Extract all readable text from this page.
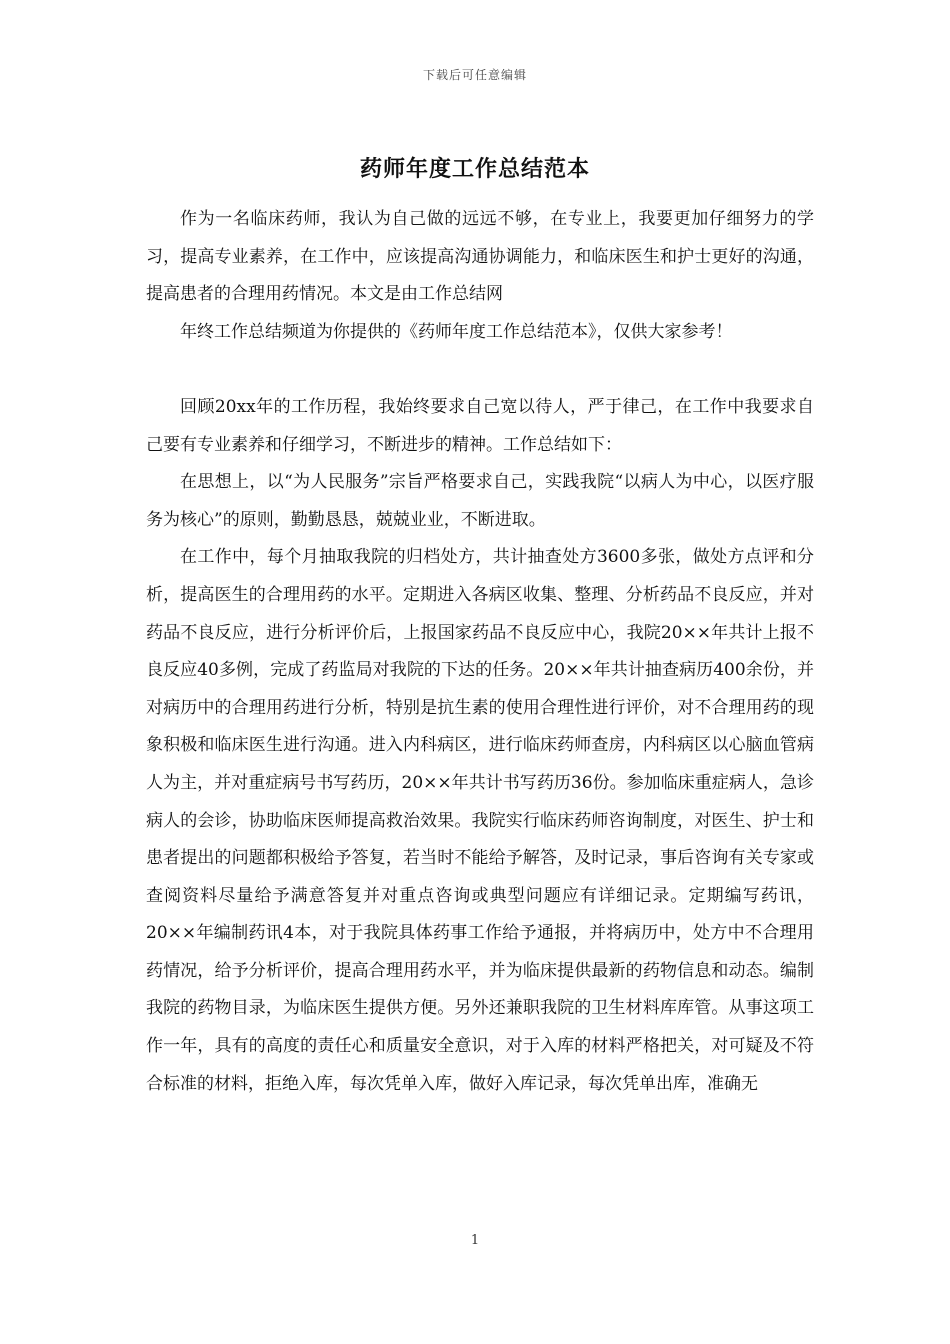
下载后可任意编辑
药师年度工作总结范本

作为一名临床药师，我认为自己做的远远不够，在专业上，我要更加仔细努力的学习，提高专业素养，在工作中，应该提高沟通协调能力，和临床医生和护士更好的沟通，提高患者的合理用药情况。本文是由工作总结网

年终工作总结频道为你提供的《药师年度工作总结范本》，仅供大家参考！

回顾20xx年的工作历程，我始终要求自己宽以待人，严于律己，在工作中我要求自己要有专业素养和仔细学习，不断进步的精神。工作总结如下：

在思想上，以“为人民服务”宗旨严格要求自己，实践我院“以病人为中心，以医疗服务为核心”的原则，勤勤恳恳，兢兢业业，不断进取。

在工作中，每个月抽取我院的归档处方，共计抽查处方3600多张，做处方点评和分析，提高医生的合理用药的水平。定期进入各病区收集、整理、分析药品不良反应，并对药品不良反应，进行分析评价后，上报国家药品不良反应中心，我院20××年共计上报不良反应40多例，完成了药监局对我院的下达的任务。20××年共计抽查病历400余份，并对病历中的合理用药进行分析，特别是抗生素的使用合理性进行评价，对不合理用药的现象积极和临床医生进行沟通。进入内科病区，进行临床药师查房，内科病区以心脑血管病人为主，并对重症病号书写药历，20××年共计书写药历36份。参加临床重症病人，急诊病人的会诊，协助临床医师提高救治效果。我院实行临床药师咨询制度，对医生、护士和患者提出的问题都积极给予答复，若当时不能给予解答，及时记录，事后咨询有关专家或查阅资料尽量给予满意答复并对重点咨询或典型问题应有详细记录。定期编写药讯，20××年编制药讯4本，对于我院具体药事工作给予通报，并将病历中，处方中不合理用药情况，给予分析评价，提高合理用药水平，并为临床提供最新的药物信息和动态。编制我院的药物目录，为临床医生提供方便。另外还兼职我院的卫生材料库库管。从事这项工作一年，具有的高度的责任心和质量安全意识，对于入库的材料严格把关，对可疑及不符合标准的材料，拒绝入库，每次凭单入库，做好入库记录，每次凭单出库，准确无

1
